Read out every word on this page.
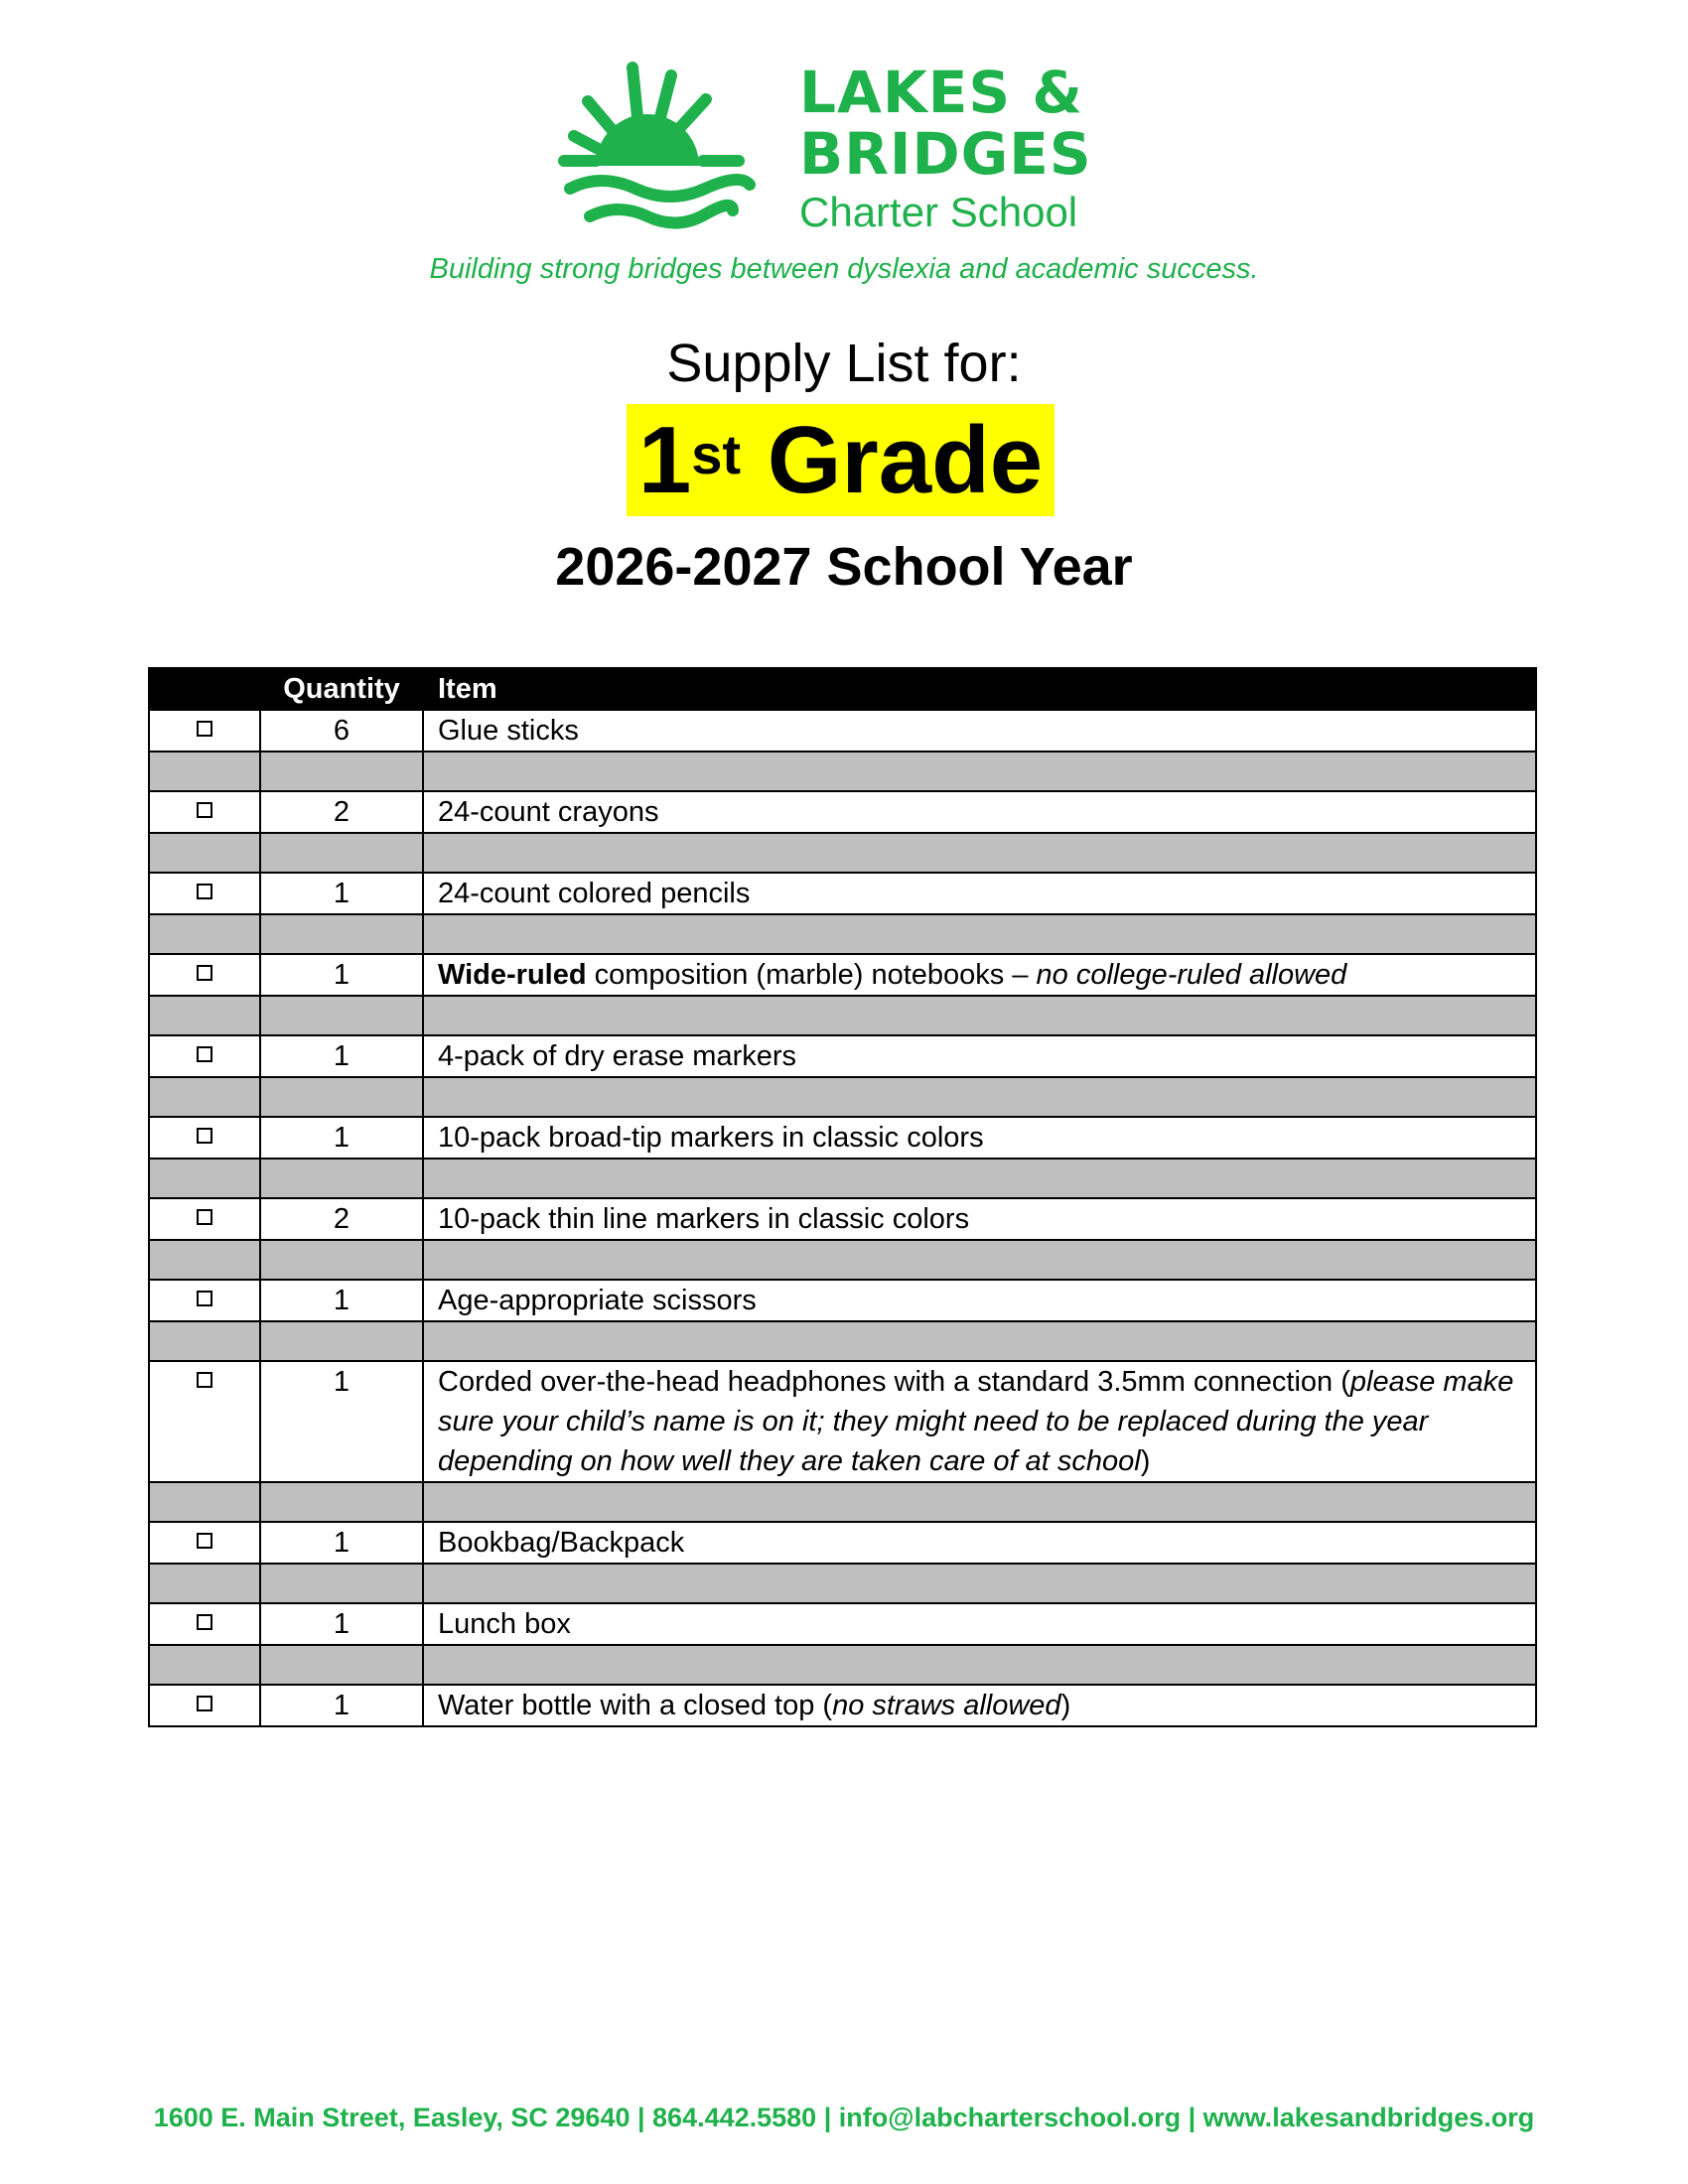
LAKES &
BRIDGES
Charter School
Building strong bridges between dyslexia and academic success.
Supply List for:
1st Grade
2026-2027 School Year
	Quantity	Item
	6	Glue sticks

	2	24-count crayons

	1	24-count colored pencils

	1	Wide-ruled composition (marble) notebooks – no college-ruled allowed

	1	4-pack of dry erase markers

	1	10-pack broad-tip markers in classic colors

	2	10-pack thin line markers in classic colors

	1	Age-appropriate scissors

	1	Corded over-the-head headphones with a standard 3.5mm connection (please make sure your child’s name is on it; they might need to be replaced during the year depending on how well they are taken care of at school)

	1	Bookbag/Backpack

	1	Lunch box

	1	Water bottle with a closed top (no straws allowed)
1600 E. Main Street, Easley, SC 29640 | 864.442.5580 | info@labcharterschool.org | www.lakesandbridges.org
